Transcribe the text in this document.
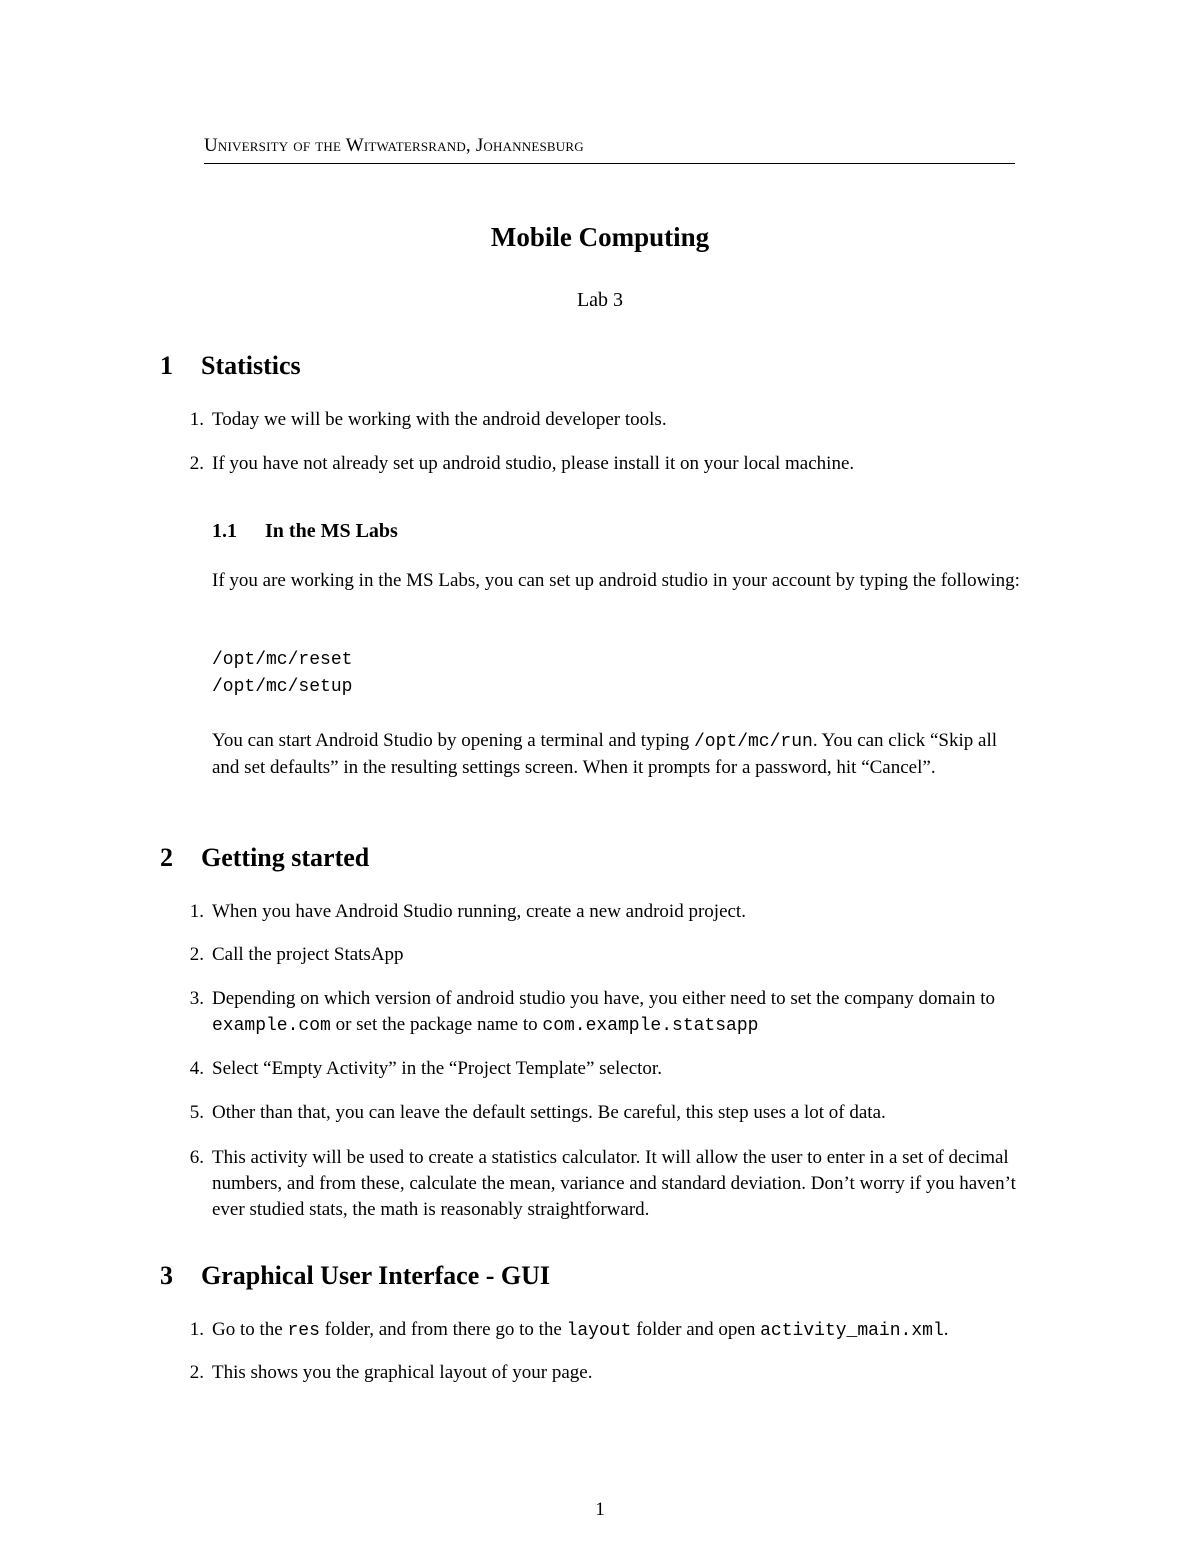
University of the Witwatersrand, Johannesburg
Mobile Computing
Lab 3
1 Statistics
1. Today we will be working with the android developer tools.
2. If you have not already set up android studio, please install it on your local machine.
1.1 In the MS Labs
If you are working in the MS Labs, you can set up android studio in your account by typing the following:
/opt/mc/reset
/opt/mc/setup
You can start Android Studio by opening a terminal and typing /opt/mc/run. You can click “Skip all and set defaults” in the resulting settings screen. When it prompts for a password, hit “Cancel”.
2 Getting started
1. When you have Android Studio running, create a new android project.
2. Call the project StatsApp
3. Depending on which version of android studio you have, you either need to set the company domain to example.com or set the package name to com.example.statsapp
4. Select “Empty Activity” in the “Project Template” selector.
5. Other than that, you can leave the default settings. Be careful, this step uses a lot of data.
6. This activity will be used to create a statistics calculator. It will allow the user to enter in a set of decimal numbers, and from these, calculate the mean, variance and standard deviation. Don’t worry if you haven’t ever studied stats, the math is reasonably straightforward.
3 Graphical User Interface - GUI
1. Go to the res folder, and from there go to the layout folder and open activity_main.xml.
2. This shows you the graphical layout of your page.
1
